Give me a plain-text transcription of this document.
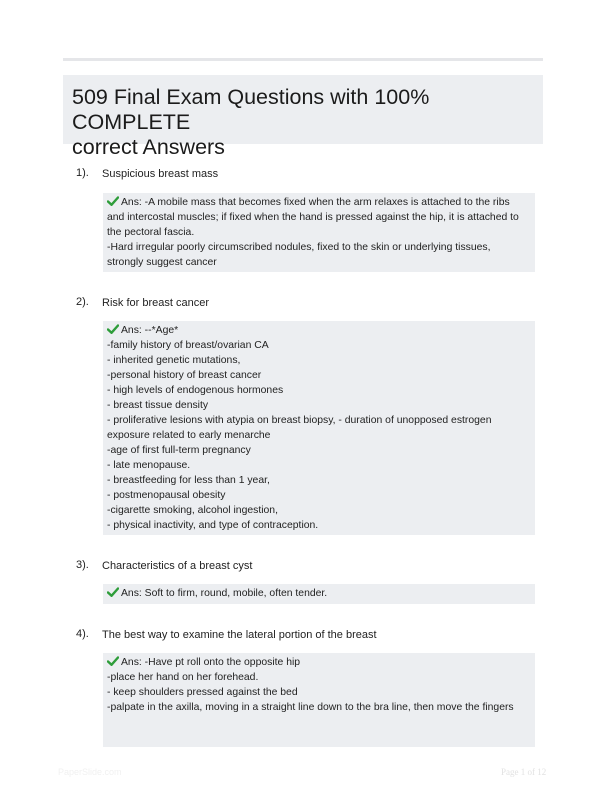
509 Final Exam Questions with 100% COMPLETE
correct Answers
1). Suspicious breast mass
Ans: -A mobile mass that becomes fixed when the arm relaxes is attached to the ribs
and intercostal muscles; if fixed when the hand is pressed against the hip, it is attached to
the pectoral fascia.
-Hard irregular poorly circumscribed nodules, fixed to the skin or underlying tissues,
strongly suggest cancer
2). Risk for breast cancer
Ans: --*Age*
-family history of breast/ovarian CA
- inherited genetic mutations,
-personal history of breast cancer
- high levels of endogenous hormones
- breast tissue density
- proliferative lesions with atypia on breast biopsy, - duration of unopposed estrogen
exposure related to early menarche
-age of first full-term pregnancy
- late menopause.
- breastfeeding for less than 1 year,
- postmenopausal obesity
-cigarette smoking, alcohol ingestion,
- physical inactivity, and type of contraception.
3). Characteristics of a breast cyst
Ans: Soft to firm, round, mobile, often tender.
4). The best way to examine the lateral portion of the breast
Ans: -Have pt roll onto the opposite hip
-place her hand on her forehead.
- keep shoulders pressed against the bed
-palpate in the axilla, moving in a straight line down to the bra line, then move the fingers
PaperSlide.com	Page 1 of 12
